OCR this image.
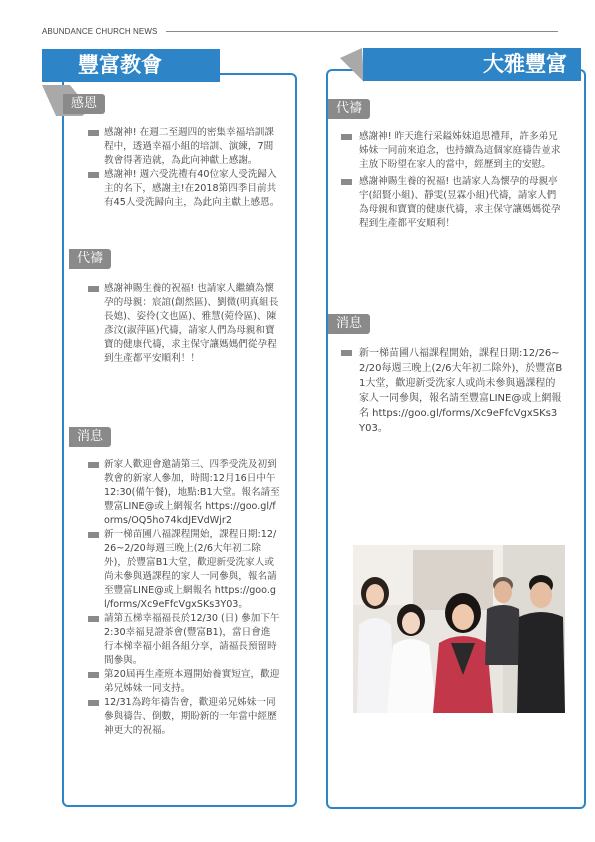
ABUNDANCE CHURCH NEWS
豐富教會
感恩
感謝神! 在週二至週四的密集幸福培訓課程中，透過幸福小組的培訓、演練，7間教會得著造就，為此向神獻上感謝。
感謝神! 週六受洗禮有40位家人受洗歸入主的名下，感謝主!在2018第四季目前共有45人受洗歸向主，為此向主獻上感恩。
代禱
感謝神賜生養的祝福! 也請家人繼續為懷孕的母親：宸誼(創然區)、劉微(明真組長長媳)、姿伶(文也區)、雅慧(菀伶區)、陳彥汶(淑萍區)代禱，請家人們為母親和寶寶的健康代禱，求主保守讓媽媽們從孕程到生產都平安順利！！
消息
新家人歡迎會邀請第三、四季受洗及初到教會的新家人參加，時間:12月16日中午12:30(備午餐)，地點:B1大堂。報名請至豐富LINE@或上網報名 https://goo.gl/forms/OQ5ho74kdJEVdWjr2
新一梯苗圃八福課程開始，課程日期:12/26~2/20每週三晚上(2/6大年初二除外)，於豐富B1大堂，歡迎新受洗家人或尚未參與過課程的家人一同參與，報名請至豐富LINE@或上網報名 https://goo.gl/forms/Xc9eFfcVgxSKs3Y03。
請第五梯幸福福長於12/30 (日) 參加下午2:30幸福見證茶會(豐富B1)，當日會進行本梯幸福小組各組分享，請福長預留時間參與。
第20屆再生產班本週開始養實短宣，歡迎弟兄姊妹一同支持。
12/31為跨年禱告會，歡迎弟兄姊妹一同參與禱告、倒數，期盼新的一年當中經歷神更大的祝福。
大雅豐富
代禱
感謝神! 昨天進行采鎰姊妹追思禮拜，許多弟兄姊妹一同前來追念，也持續為這個家庭禱告並求主放下盼望在家人的當中，經歷到主的安慰。
感謝神賜生養的祝福! 也請家人為懷孕的母親亭宇(紹賢小組)、靜雯(昱霖小組)代禱，請家人們為母親和寶寶的健康代禱，求主保守讓媽媽從孕程到生產都平安順利！
消息
新一梯苗圃八福課程開始，課程日期:12/26~2/20每週三晚上(2/6大年初二除外)，於豐富B1大堂，歡迎新受洗家人或尚未參與過課程的家人一同參與，報名請至豐富LINE@或上網報名 https://goo.gl/forms/Xc9eFfcVgxSKs3Y03。
